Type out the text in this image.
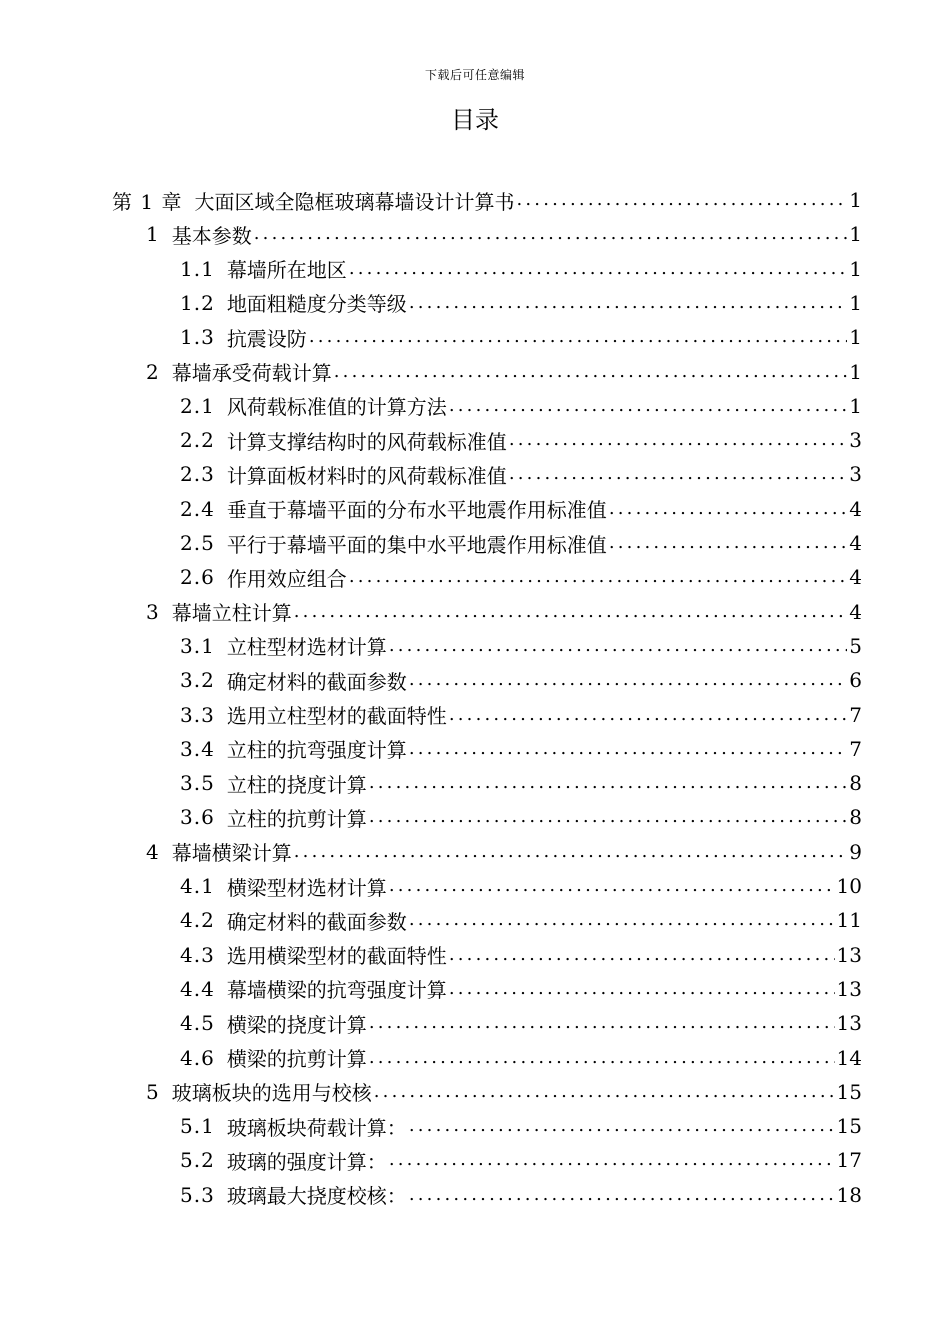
下载后可任意编辑
目录
第 1 章 大面区域全隐框玻璃幕墙设计计算书 .....	1
1 基本参数 .....	1
1.1 幕墙所在地区 .....	1
1.2 地面粗糙度分类等级 .....	1
1.3 抗震设防 .....	1
2 幕墙承受荷载计算 .....	1
2.1 风荷载标准值的计算方法 .....	1
2.2 计算支撑结构时的风荷载标准值 .....	3
2.3 计算面板材料时的风荷载标准值 .....	3
2.4 垂直于幕墙平面的分布水平地震作用标准值 .....	4
2.5 平行于幕墙平面的集中水平地震作用标准值 .....	4
2.6 作用效应组合 .....	4
3 幕墙立柱计算 .....	4
3.1 立柱型材选材计算 .....	5
3.2 确定材料的截面参数 .....	6
3.3 选用立柱型材的截面特性 .....	7
3.4 立柱的抗弯强度计算 .....	7
3.5 立柱的挠度计算 .....	8
3.6 立柱的抗剪计算 .....	8
4 幕墙横梁计算 .....	9
4.1 横梁型材选材计算 .....	10
4.2 确定材料的截面参数 .....	11
4.3 选用横梁型材的截面特性 .....	13
4.4 幕墙横梁的抗弯强度计算 .....	13
4.5 横梁的挠度计算 .....	13
4.6 横梁的抗剪计算 .....	14
5 玻璃板块的选用与校核 .....	15
5.1 玻璃板块荷载计算： .....	15
5.2 玻璃的强度计算： .....	17
5.3 玻璃最大挠度校核： .....	18
